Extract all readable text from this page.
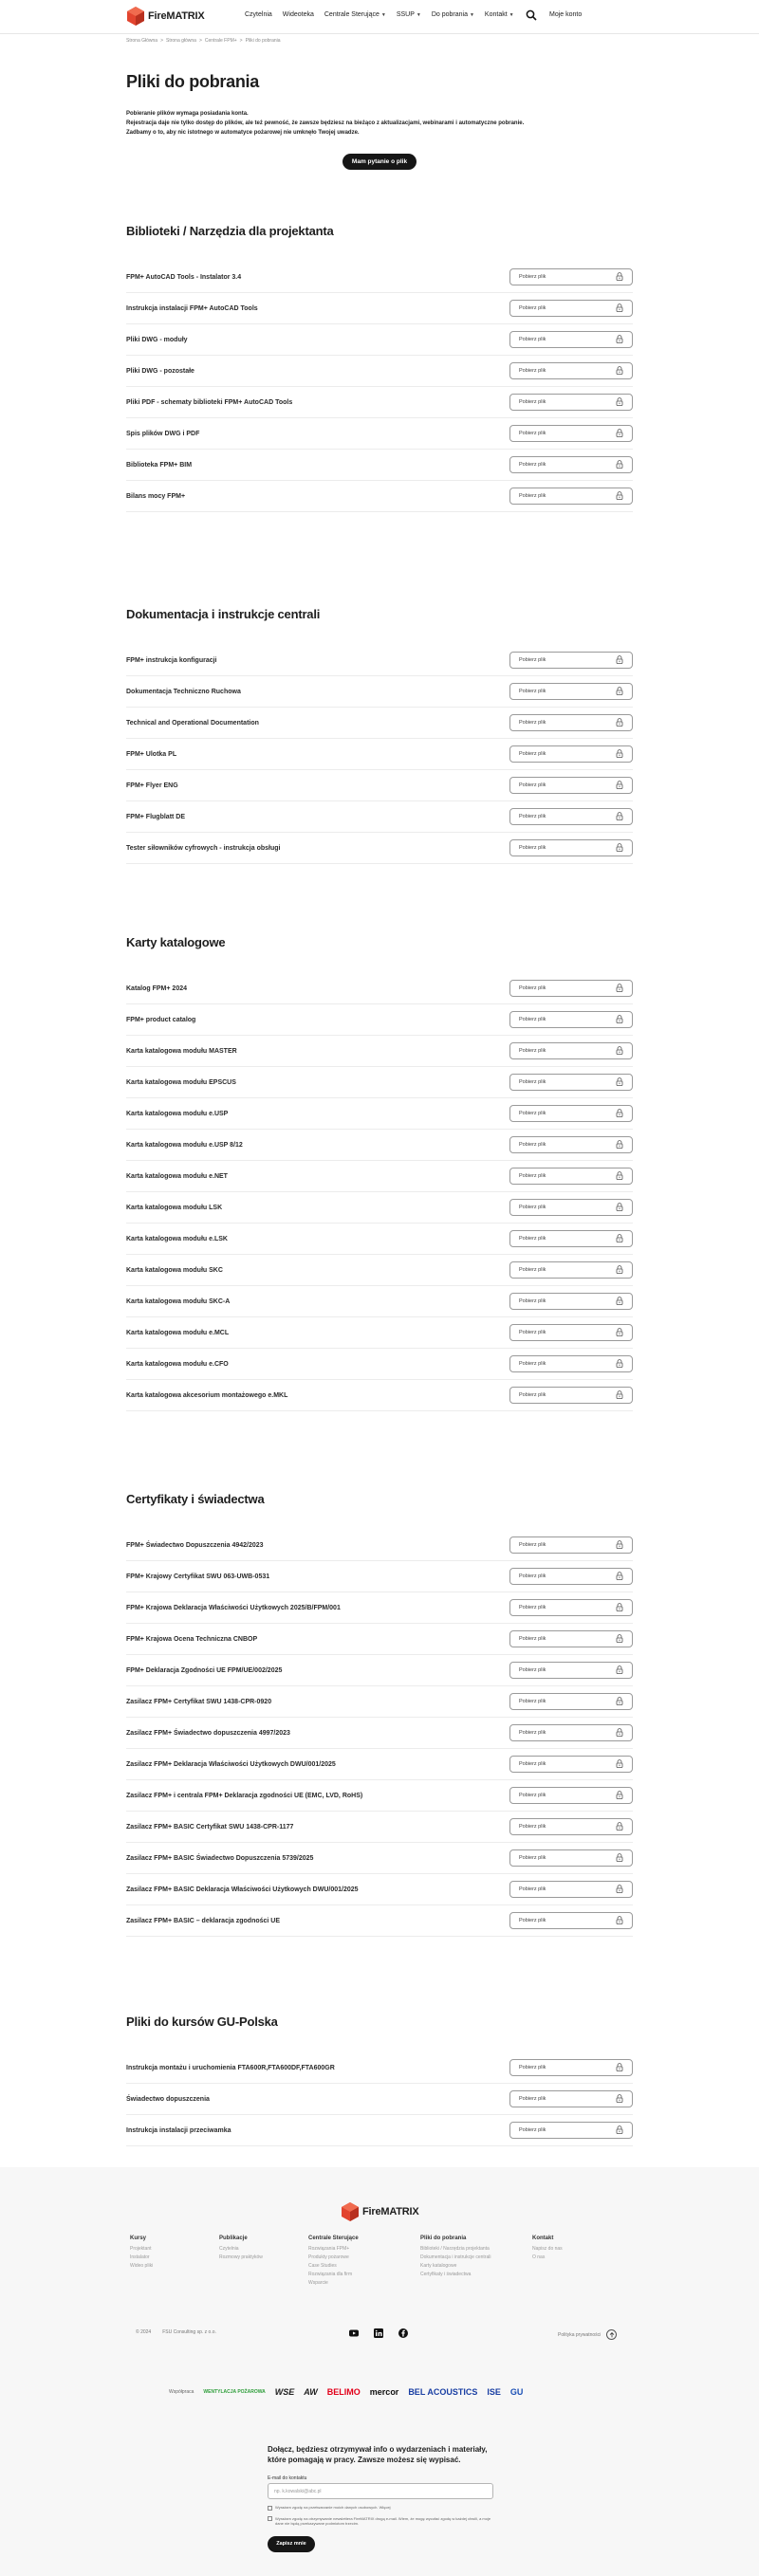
FireMATRIX	Czytelnia Wideoteka Centrale Sterujące ▼ SSUP ▼ Do pobrania ▼ Kontakt ▼	Moje konto
Strona Główna > Strona główna > Centrale FPM+ > Pliki do pobrania
Pliki do pobrania

Pobieranie plików wymaga posiadania konta.

Rejestracja daje nie tylko dostęp do plików, ale też pewność, że zawsze będziesz na bieżąco z aktualizacjami, webinarami i automatyczne pobranie.

Zadbamy o to, aby nic istotnego w automatyce pożarowej nie umknęło Twojej uwadze.

Mam pytanie o plik
Biblioteki / Narzędzia dla projektanta
FPM+ AutoCAD Tools - Instalator 3.4	Pobierz plik
Instrukcja instalacji FPM+ AutoCAD Tools	Pobierz plik
Pliki DWG - moduły	Pobierz plik
Pliki DWG - pozostałe	Pobierz plik
Pliki PDF - schematy biblioteki FPM+ AutoCAD Tools	Pobierz plik
Spis plików DWG i PDF	Pobierz plik
Biblioteka FPM+ BIM	Pobierz plik
Bilans mocy FPM+	Pobierz plik
Dokumentacja i instrukcje centrali
FPM+ instrukcja konfiguracji	Pobierz plik
Dokumentacja Techniczno Ruchowa	Pobierz plik
Technical and Operational Documentation	Pobierz plik
FPM+ Ulotka PL	Pobierz plik
FPM+ Flyer ENG	Pobierz plik
FPM+ Flugblatt DE	Pobierz plik
Tester siłowników cyfrowych - instrukcja obsługi	Pobierz plik
Karty katalogowe
Katalog FPM+ 2024	Pobierz plik
FPM+ product catalog	Pobierz plik
Karta katalogowa modułu MASTER	Pobierz plik
Karta katalogowa modułu EPSCUS	Pobierz plik
Karta katalogowa modułu e.USP	Pobierz plik
Karta katalogowa modułu e.USP 8/12	Pobierz plik
Karta katalogowa modułu e.NET	Pobierz plik
Karta katalogowa modułu LSK	Pobierz plik
Karta katalogowa modułu e.LSK	Pobierz plik
Karta katalogowa modułu SKC	Pobierz plik
Karta katalogowa modułu SKC-A	Pobierz plik
Karta katalogowa modułu e.MCL	Pobierz plik
Karta katalogowa modułu e.CFO	Pobierz plik
Karta katalogowa akcesorium montażowego e.MKL	Pobierz plik
Certyfikaty i świadectwa
FPM+ Świadectwo Dopuszczenia 4942/2023	Pobierz plik
FPM+ Krajowy Certyfikat SWU 063-UWB-0531	Pobierz plik
FPM+ Krajowa Deklaracja Właściwości Użytkowych 2025/B/FPM/001	Pobierz plik
FPM+ Krajowa Ocena Techniczna CNBOP	Pobierz plik
FPM+ Deklaracja Zgodności UE FPM/UE/002/2025	Pobierz plik
Zasilacz FPM+ Certyfikat SWU 1438-CPR-0920	Pobierz plik
Zasilacz FPM+ Świadectwo dopuszczenia 4997/2023	Pobierz plik
Zasilacz FPM+ Deklaracja Właściwości Użytkowych DWU/001/2025	Pobierz plik
Zasilacz FPM+ i centrala FPM+ Deklaracja zgodności UE (EMC, LVD, RoHS)	Pobierz plik
Zasilacz FPM+ BASIC Certyfikat SWU 1438-CPR-1177	Pobierz plik
Zasilacz FPM+ BASIC Świadectwo Dopuszczenia 5739/2025	Pobierz plik
Zasilacz FPM+ BASIC Deklaracja Właściwości Użytkowych DWU/001/2025	Pobierz plik
Zasilacz FPM+ BASIC – deklaracja zgodności UE	Pobierz plik
Pliki do kursów GU-Polska
Instrukcja montażu i uruchomienia FTA600R,FTA600DF,FTA600GR	Pobierz plik
Świadectwo dopuszczenia	Pobierz plik
Instrukcja instalacji przeciwamka	Pobierz plik
FireMATRIX
Kursy
Projektant
Instalator
Wideo pliki
Publikacje
Czytelnia
Rozmowy praktyków
Centrale Sterujące
Rozwiązania FPM+
Produkty pożarowe
Case Studies
Rozwiązania dla firm
Wsparcie
Pliki do pobrania
Biblioteki / Narzędzia projektanta
Dokumentacja i instrukcje centrali
Karty katalogowe
Certyfikaty i świadectwa
Kontakt
Napisz do nas
O nas
© 2024 FSU Consulting sp. z o.o.	Polityka prywatności
Współpraca WENTYLACJA POŻAROWA WSE AW BELIMO mercor BEL ACOUSTICS ISE GU
Dołącz, będziesz otrzymywał info o wydarzeniach i materiały, które pomagają w pracy. Zawsze możesz się wypisać.
E-mail do kontaktu
np. k.kowalski@abc.pl
Wyrażam zgodę na przetwarzanie moich danych osobowych. Więcej
Wyrażam zgodę na otrzymywanie newslettera FireMATRIX drogą e-mail. Wiem, że mogę wycofać zgodę w każdej chwili, a moje dane nie będą przekazywane podmiotom trzecim.
Zapisz mnie
